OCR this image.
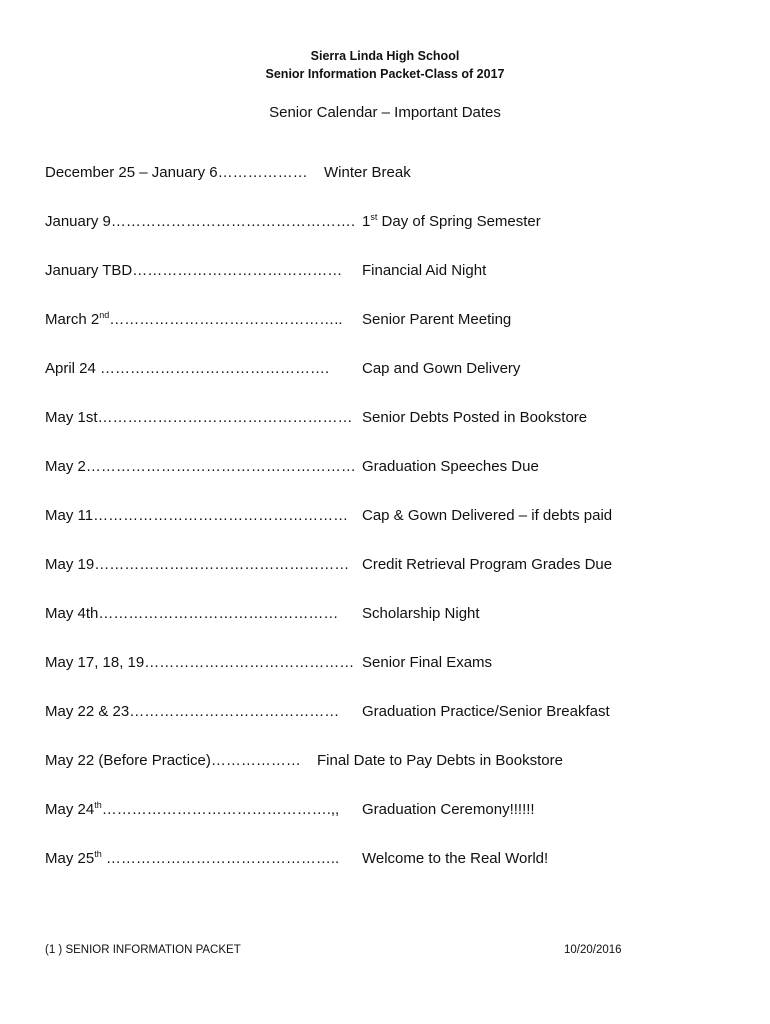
Sierra Linda High School
Senior Information Packet-Class of 2017
Senior Calendar – Important Dates
December 25 – January 6……………… Winter Break
January 9…………………………………………. 1st Day of Spring Semester
January TBD…………………………………… Financial Aid Night
March 2nd……………………………………….. Senior Parent Meeting
April 24 ………………………………………. Cap and Gown Delivery
May 1st…………………………………………… Senior Debts Posted in Bookstore
May 2……………………………………………… Graduation Speeches Due
May 11…………………………………………… Cap & Gown Delivered – if debts paid
May 19…………………………………………… Credit Retrieval Program Grades Due
May 4th………………………………………… Scholarship Night
May 17, 18, 19…………………………………… Senior Final Exams
May 22 & 23…………………………………… Graduation Practice/Senior Breakfast
May 22 (Before Practice)……………… Final Date to Pay Debts in Bookstore
May 24th……………………………………….,, Graduation Ceremony!!!!!!
May 25th ……………………………………….. Welcome to the Real World!
(1 ) SENIOR INFORMATION PACKET	10/20/2016
